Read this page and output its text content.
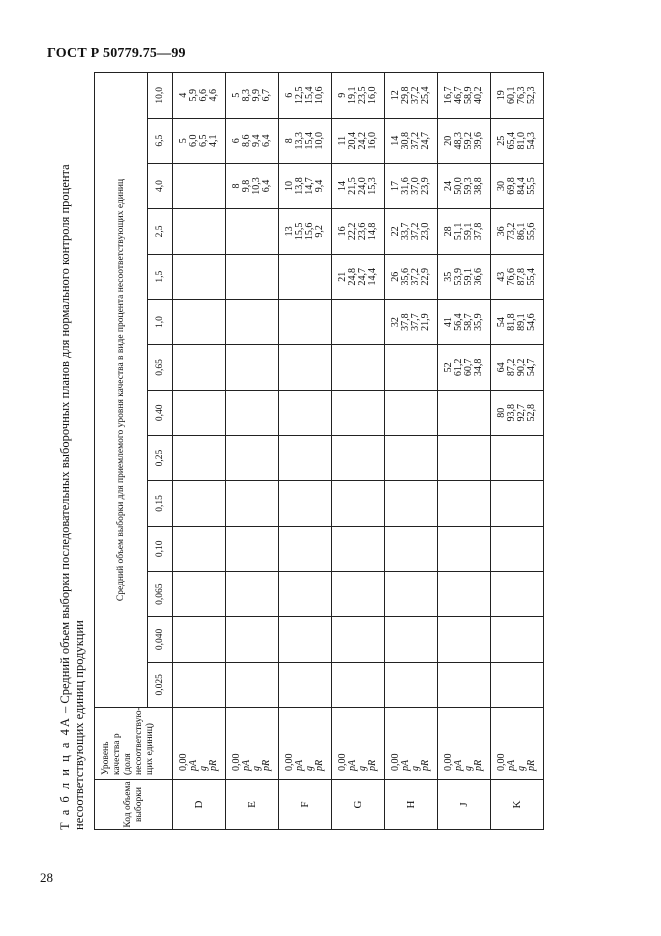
ГОСТ Р 50779.75—99
Т а б л и ц а 4А – Средний объем выборки последовательных выборочных планов для нормального контроля процента несоответствующих единиц продукции	Код объема выборки	Уровень качества p (доля несоответствую-щих единиц)	Средний объем выборки для приемлемого уровня качества в виде процента несоответствующих единиц													
		0,025	0,040	0,065	0,10	0,15	0,25	0,40	0,65	1,0	1,5	2,5	4,0	6,5	10,0
D	0,00 pA g pR													5 6,0 6,5 4,1	4 5,9 6,6 4,6

E	0,00 pA g pR												8 9,8 10,3 6,4	6 8,6 9,4 6,4	5 8,3 9,9 6,7

F	0,00 pA g pR											13 15,5 15,6 9,2	10 13,8 14,7 9,4	8 13,3 15,4 10,0	6 12,5 15,4 10,6

G	0,00 pA g pR										21 24,8 24,7 14,4	16 22,2 23,6 14,8	14 21,5 24,0 15,3	11 20,4 24,2 16,0	9 19,1 23,5 16,0

H	0,00 pA g pR									32 37,8 37,7 21,9	26 35,6 37,2 22,9	22 33,7 37,2 23,0	17 31,6 37,0 23,9	14 30,8 37,2 24,7	12 29,8 37,2 25,4

J	0,00 pA g pR								52 61,2 60,7 34,8	41 56,4 58,7 35,9	35 53,9 59,1 36,6	28 51,1 59,1 37,8	24 50,0 59,3 38,8	20 48,3 59,2 39,6	16,7 46,7 58,9 40,2

K	0,00 pA g pR							80 93,8 92,7 52,8	64 87,2 90,2 54,7	54 81,8 89,1 54,6	43 76,6 87,8 55,4	36 73,2 86,1 55,6	30 69,8 84,4 55,5	25 65,4 81,0 54,3	19 60,1 76,3 52,3
28
